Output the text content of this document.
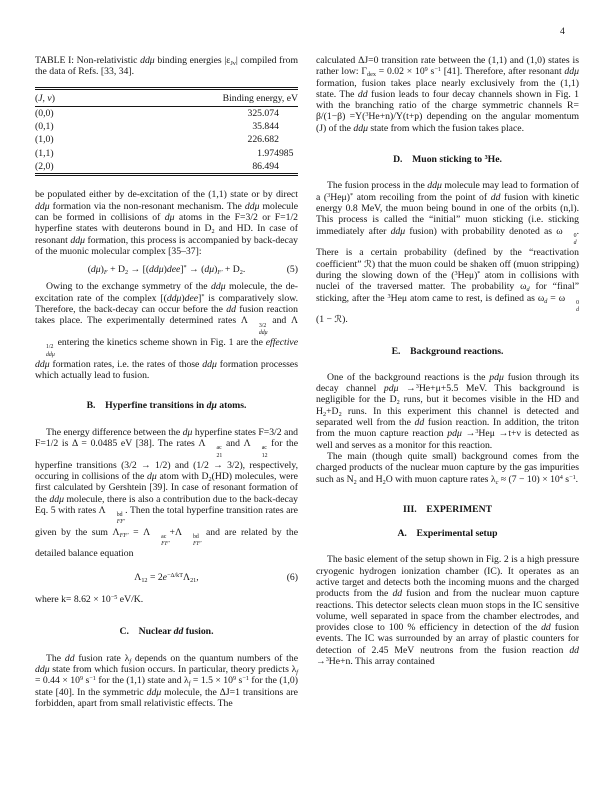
4
TABLE I: Non-relativistic ddμ binding energies $|\varepsilon_{Jv}|$ compiled from the data of Refs. [33, 34].
(J, v)	Binding energy, eV
(0,0)	325 .074

(0,1)	35 .844

(1,0)	226 .682

(1,1)	1 .974985

(2,0)	86 .494

be populated either by de-excitation of the (1,1) state or by direct ddμ formation via the non-resonant mechanism. The ddμ molecule can be formed in collisions of dμ atoms in the F=3/2 or F=1/2 hyperfine states with deuterons bound in $D_2$ and HD. In case of resonant ddμ formation, this process is accompanied by back-decay of the muonic molecular complex [35–37]:

$(d\mu)_F + D_2 \to [(dd\mu)dee]^* \to (d\mu)_{F'} + D_2$.	(5)

Owing to the exchange symmetry of the ddμ molecule, the de-excitation rate of the complex [(ddμ)dee]* is comparatively slow. Therefore, the back-decay can occur before the dd fusion reaction takes place. The experimentally determined rates Λ	3/2
ddμ
and Λ
1/2
ddμ
entering the kinetics scheme shown in Fig. 1 are the effective ddμ formation rates, i.e. the rates of those ddμ formation processes which actually lead to fusion.

B. Hyperfine transitions in dμ atoms.

The energy difference between the dμ hyperfine states F=3/2 and F=1/2 is Δ = 0.0485 eV [38]. The rates Λ	ac
21
and Λ	ac
12
for the hyperfine transitions (3/2 → 1/2) and (1/2 → 3/2), respectively, occuring in collisions of the dμ atom with $D_2(HD)$ molecules, were first calculated by Gershtein [39]. In case of resonant formation of the ddμ molecule, there is also a contribution due to the back-decay Eq. 5 with rates Λ	bd
FF′
. Then the total hyperfine transition rates are given by the sum $\Lambda_{FF'} = \Lambda$	ac
FF′
+Λ	bd
FF′
and are related by the detailed balance equation

$\Lambda_{12} = 2e^{-\Delta/kT}\Lambda_{21}$,	(6)

where $k= 8.62 \times 10^{-5}$ eV/K.

C. Nuclear dd fusion.

The dd fusion rate $\lambda_f$ depends on the quantum numbers of the ddμ state from which fusion occurs. In particular, theory predicts $\lambda_f = 0.44 \times 10^9$ $s^{-1}$ for the (1,1) state and $\lambda_f = 1.5 \times 10^9$ $s^{-1}$ for the (1,0) state [40]. In the symmetric ddμ molecule, the ΔJ=1 transitions are forbidden, apart from small relativistic effects. The

calculated ΔJ=0 transition rate between the (1,1) and (1,0) states is rather low: $\Gamma_{dex} = 0.02 \times 10^9$ $s^{-1}$ [41]. Therefore, after resonant ddμ formation, fusion takes place nearly exclusively from the (1,1) state. The dd fusion leads to four decay channels shown in Fig. 1 with the branching ratio of the charge symmetric channels R= β/(1−β) =Y($^3$He+n)/Y(t+p) depending on the angular momentum (J) of the ddμ state from which the fusion takes place.

D. Muon sticking to $^3$He.

The fusion process in the ddμ molecule may lead to formation of a ($^3$Heμ)* atom recoiling from the point of dd fusion with kinetic energy 0.8 MeV, the muon being bound in one of the orbits (n,l). This process is called the “initial” muon sticking (i.e. sticking immediately after ddμ fusion) with probability denoted as ω	0
d
. There is a certain probability (defined by the “reactivation coefficient” ℛ) that the muon could be shaken off (muon stripping) during the slowing down of the ($^3$Heμ)* atom in collisions with nuclei of the traversed matter. The probability $\omega_d$ for “final” sticking, after the $^3$Heμ atom came to rest, is defined as $\omega_d = \omega$	0
d
(1 − ℛ).

E. Background reactions.

One of the background reactions is the pdμ fusion through its decay channel pdμ →$^3$He+μ+5.5 MeV. This background is negligible for the $D_2$ runs, but it becomes visible in the HD and $H_2+D_2$ runs. In this experiment this channel is detected and separated well from the dd fusion reaction. In addition, the triton from the muon capture reaction pdμ →$^3$Heμ →t+ν is detected as well and serves as a monitor for this reaction.

The main (though quite small) background comes from the charged products of the nuclear muon capture by the gas impurities such as $N_2$ and $H_2O$ with muon capture rates $\lambda_c \approx (7 - 10) \times 10^4$ $s^{-1}$.

III. EXPERIMENT
A. Experimental setup

The basic element of the setup shown in Fig. 2 is a high pressure cryogenic hydrogen ionization chamber (IC). It operates as an active target and detects both the incoming muons and the charged products from the dd fusion and from the nuclear muon capture reactions. This detector selects clean muon stops in the IC sensitive volume, well separated in space from the chamber electrodes, and provides close to 100 % efficiency in detection of the dd fusion events. The IC was surrounded by an array of plastic counters for detection of 2.45 MeV neutrons from the fusion reaction dd →$^3$He+n. This array contained
